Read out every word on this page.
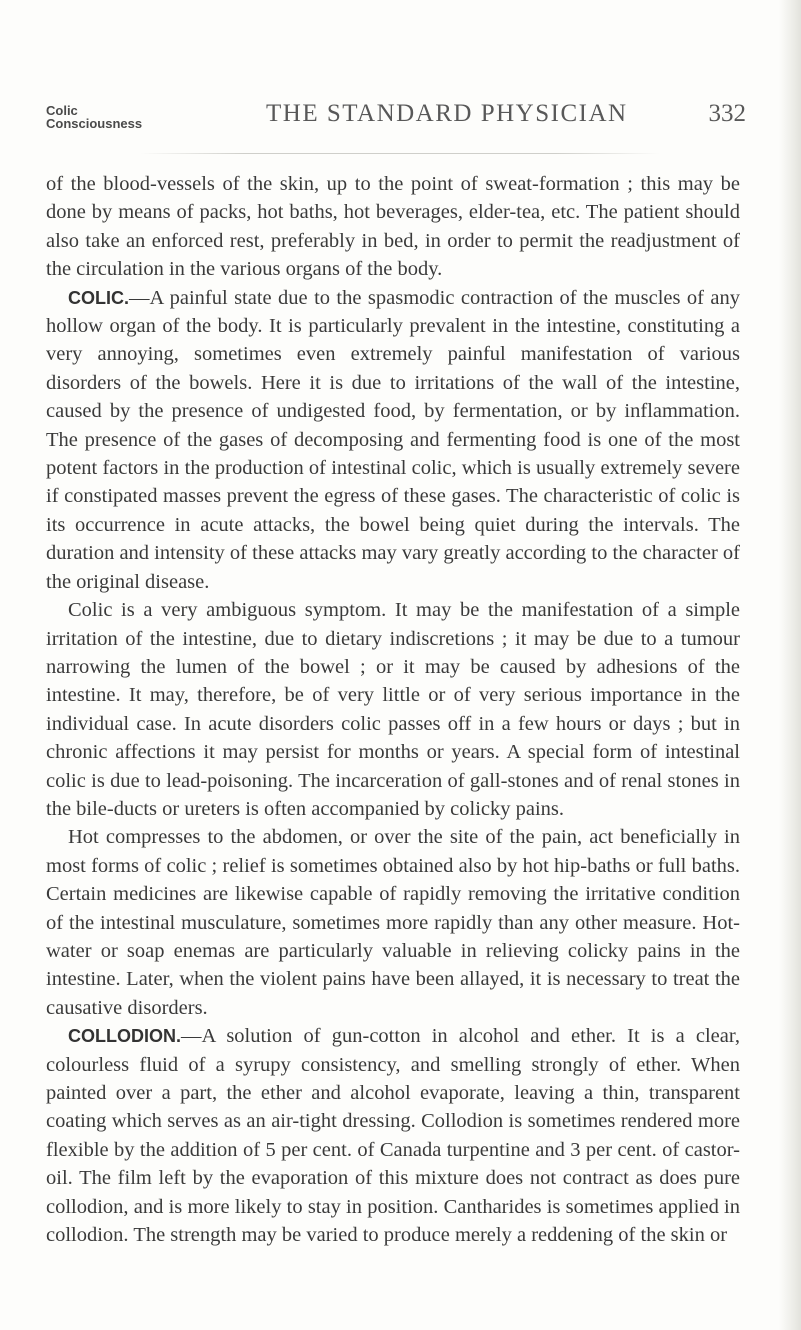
Colic
Consciousness	THE STANDARD PHYSICIAN	332

of the blood-vessels of the skin, up to the point of sweat-formation ; this may be done by means of packs, hot baths, hot beverages, elder-tea, etc. The patient should also take an enforced rest, preferably in bed, in order to permit the readjustment of the circulation in the various organs of the body.

COLIC.—A painful state due to the spasmodic contraction of the muscles of any hollow organ of the body. It is particularly prevalent in the intestine, constituting a very annoying, sometimes even extremely painful manifestation of various disorders of the bowels. Here it is due to irritations of the wall of the intestine, caused by the presence of undigested food, by fermentation, or by inflammation. The presence of the gases of decomposing and fermenting food is one of the most potent factors in the production of intestinal colic, which is usually extremely severe if constipated masses prevent the egress of these gases. The characteristic of colic is its occurrence in acute attacks, the bowel being quiet during the intervals. The duration and intensity of these attacks may vary greatly according to the character of the original disease.

Colic is a very ambiguous symptom. It may be the manifestation of a simple irritation of the intestine, due to dietary indiscretions ; it may be due to a tumour narrowing the lumen of the bowel ; or it may be caused by adhesions of the intestine. It may, therefore, be of very little or of very serious importance in the individual case. In acute disorders colic passes off in a few hours or days ; but in chronic affections it may persist for months or years. A special form of intestinal colic is due to lead-poisoning. The incarceration of gall-stones and of renal stones in the bile-ducts or ureters is often accompanied by colicky pains.

Hot compresses to the abdomen, or over the site of the pain, act beneficially in most forms of colic ; relief is sometimes obtained also by hot hip-baths or full baths. Certain medicines are likewise capable of rapidly removing the irritative condition of the intestinal musculature, sometimes more rapidly than any other measure. Hot-water or soap enemas are particularly valuable in relieving colicky pains in the intestine. Later, when the violent pains have been allayed, it is necessary to treat the causative disorders.

COLLODION.—A solution of gun-cotton in alcohol and ether. It is a clear, colourless fluid of a syrupy consistency, and smelling strongly of ether. When painted over a part, the ether and alcohol evaporate, leaving a thin, transparent coating which serves as an air-tight dressing. Collodion is sometimes rendered more flexible by the addition of 5 per cent. of Canada turpentine and 3 per cent. of castor-oil. The film left by the evaporation of this mixture does not contract as does pure collodion, and is more likely to stay in position. Cantharides is sometimes applied in collodion. The strength may be varied to produce merely a reddening of the skin or
